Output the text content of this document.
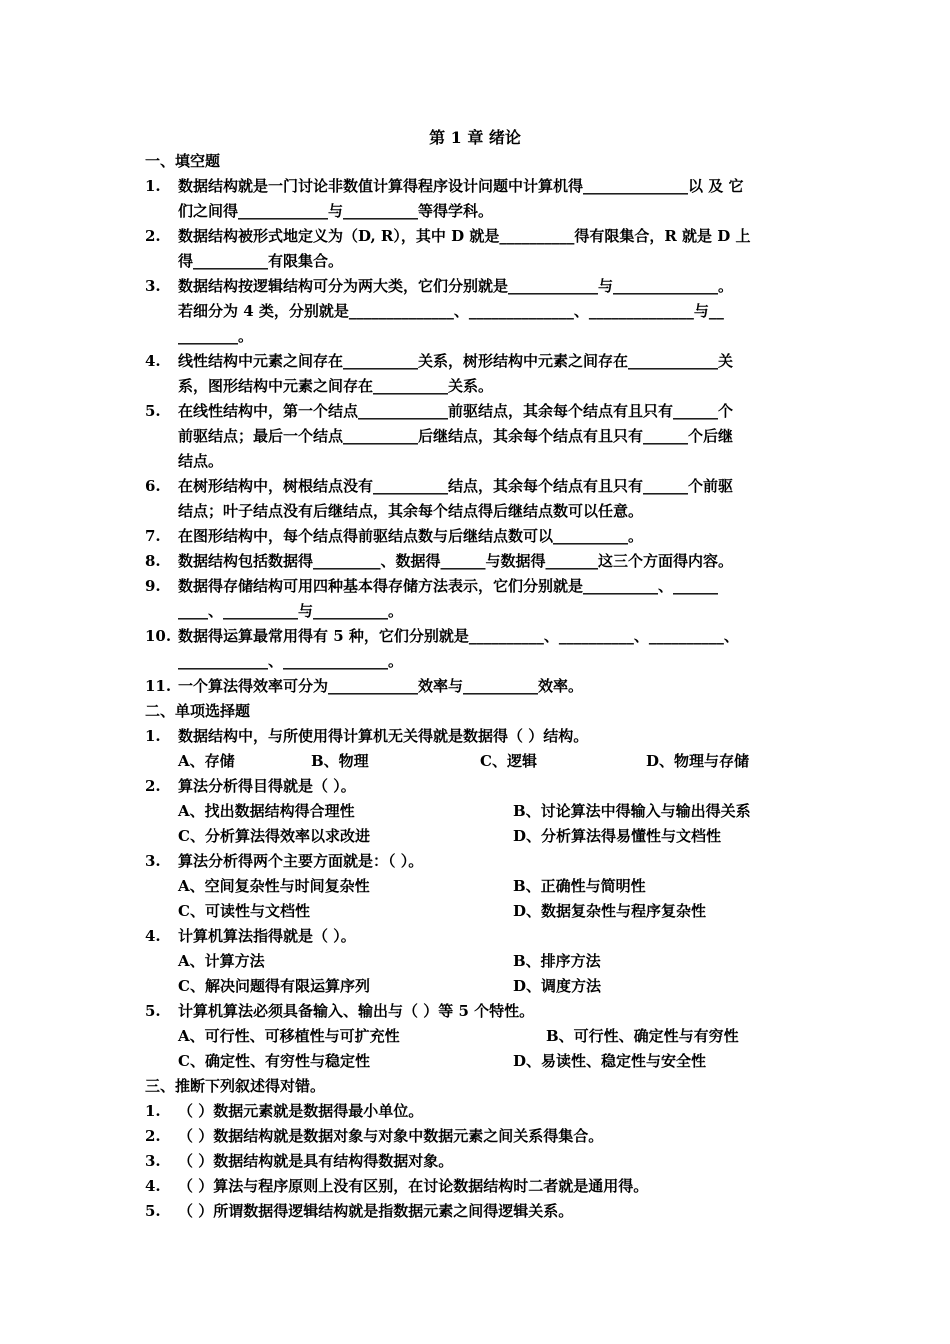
第 1 章 绪论
一、填空题
1. 数据结构就是一门讨论非数值计算得程序设计问题中计算机得______________以 及 它
们之间得____________与__________等得学科。
2. 数据结构被形式地定义为（D, R），其中 D 就是__________得有限集合，R 就是 D 上
得__________有限集合。
3. 数据结构按逻辑结构可分为两大类，它们分别就是____________与______________。
若细分为 4 类，分别就是______________、______________、______________与__
________。
4. 线性结构中元素之间存在__________关系，树形结构中元素之间存在____________关
系，图形结构中元素之间存在__________关系。
5. 在线性结构中，第一个结点____________前驱结点，其余每个结点有且只有______个
前驱结点；最后一个结点__________后继结点，其余每个结点有且只有______个后继
结点。
6. 在树形结构中，树根结点没有__________结点，其余每个结点有且只有______个前驱
结点；叶子结点没有后继结点，其余每个结点得后继结点数可以任意。
7. 在图形结构中，每个结点得前驱结点数与后继结点数可以__________。
8. 数据结构包括数据得_________、数据得______与数据得_______这三个方面得内容。
9. 数据得存储结构可用四种基本得存储方法表示，它们分别就是__________、______
____、__________与__________。
10. 数据得运算最常用得有 5 种，它们分别就是__________、__________、__________、
____________、______________。
11. 一个算法得效率可分为____________效率与__________效率。
二、单项选择题
1. 数据结构中，与所使用得计算机无关得就是数据得（ ）结构。
A、存储	B、物理	C、逻辑	D、物理与存储
2. 算法分析得目得就是（ ）。
A、找出数据结构得合理性	B、讨论算法中得输入与输出得关系
C、分析算法得效率以求改进	D、分析算法得易懂性与文档性
3. 算法分析得两个主要方面就是：（ ）。
A、空间复杂性与时间复杂性	B、正确性与简明性
C、可读性与文档性	D、数据复杂性与程序复杂性
4. 计算机算法指得就是（ ）。
A、计算方法	B、排序方法
C、解决问题得有限运算序列	D、调度方法
5. 计算机算法必须具备输入、输出与（ ）等 5 个特性。
A、可行性、可移植性与可扩充性	B、可行性、确定性与有穷性
C、确定性、有穷性与稳定性	D、易读性、稳定性与安全性
三、推断下列叙述得对错。
1. （ ）数据元素就是数据得最小单位。
2. （ ）数据结构就是数据对象与对象中数据元素之间关系得集合。
3. （ ）数据结构就是具有结构得数据对象。
4. （ ）算法与程序原则上没有区别，在讨论数据结构时二者就是通用得。
5. （ ）所谓数据得逻辑结构就是指数据元素之间得逻辑关系。
